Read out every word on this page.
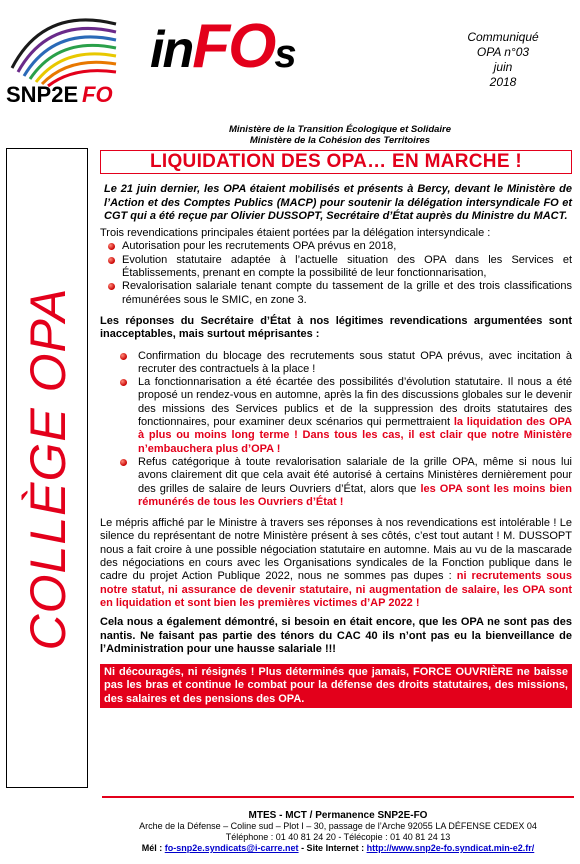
SNP2E FO
inFOs	Communiqué
OPA n°03
juin
2018
Ministère de la Transition Écologique et Solidaire
Ministère de la Cohésion des Territoires
COLLÈGE OPA
LIQUIDATION DES OPA… EN MARCHE !

Le 21 juin dernier, les OPA étaient mobilisés et présents à Bercy, devant le Ministère de l’Action et des Comptes Publics (MACP) pour soutenir la délégation intersyndicale FO et CGT qui a été reçue par Olivier DUSSOPT, Secrétaire d’État auprès du Ministre du MACT.

Trois revendications principales étaient portées par la délégation intersyndicale :

Autorisation pour les recrutements OPA prévus en 2018,
Evolution statutaire adaptée à l’actuelle situation des OPA dans les Services et Établissements, prenant en compte la possibilité de leur fonctionnarisation,
Revalorisation salariale tenant compte du tassement de la grille et des trois classifications rémunérées sous le SMIC, en zone 3.

Les réponses du Secrétaire d’État à nos légitimes revendications argumentées sont inacceptables, mais surtout méprisantes :

Confirmation du blocage des recrutements sous statut OPA prévus, avec incitation à recruter des contractuels à la place !
La fonctionnarisation a été écartée des possibilités d’évolution statutaire. Il nous a été proposé un rendez-vous en automne, après la fin des discussions globales sur le devenir des missions des Services publics et de la suppression des droits statutaires des fonctionnaires, pour examiner deux scénarios qui permettraient la liquidation des OPA à plus ou moins long terme ! Dans tous les cas, il est clair que notre Ministère n’embauchera plus d’OPA !
Refus catégorique à toute revalorisation salariale de la grille OPA, même si nous lui avons clairement dit que cela avait été autorisé à certains Ministères dernièrement pour des grilles de salaire de leurs Ouvriers d’État, alors que les OPA sont les moins bien rémunérés de tous les Ouvriers d’État !

Le mépris affiché par le Ministre à travers ses réponses à nos revendications est intolérable ! Le silence du représentant de notre Ministère présent à ses côtés, c’est tout autant ! M. DUSSOPT nous a fait croire à une possible négociation statutaire en automne. Mais au vu de la mascarade des négociations en cours avec les Organisations syndicales de la Fonction publique dans le cadre du projet Action Publique 2022, nous ne sommes pas dupes : ni recrutements sous notre statut, ni assurance de devenir statutaire, ni augmentation de salaire, les OPA sont en liquidation et sont bien les premières victimes d’AP 2022 !

Cela nous a également démontré, si besoin en était encore, que les OPA ne sont pas des nantis. Ne faisant pas partie des ténors du CAC 40 ils n’ont pas eu la bienveillance de l’Administration pour une hausse salariale !!!

Ni découragés, ni résignés ! Plus déterminés que jamais, FORCE OUVRIÈRE ne baisse pas les bras et continue le combat pour la défense des droits statutaires, des missions, des salaires et des pensions des OPA.

MTES - MCT / Permanence SNP2E-FO
Arche de la Défense – Coline sud – Plot I – 30, passage de l’Arche 92055 LA DÉFENSE CEDEX 04
Téléphone : 01 40 81 24 20 - Télécopie : 01 40 81 24 13
Mél : fo-snp2e.syndicats@i-carre.net - Site Internet : http://www.snp2e-fo.syndicat.min-e2.fr/
